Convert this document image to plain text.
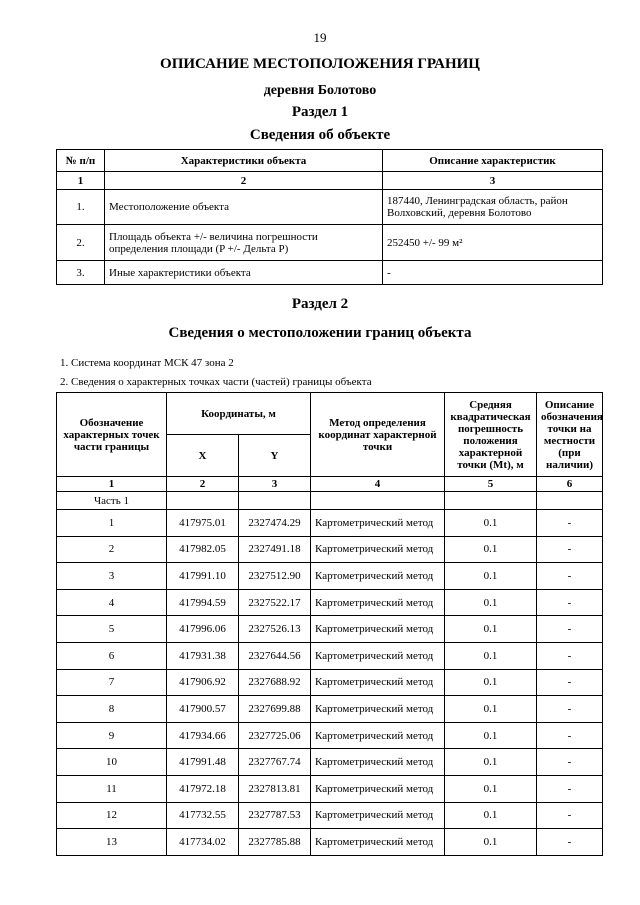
19
ОПИСАНИЕ МЕСТОПОЛОЖЕНИЯ ГРАНИЦ
деревня Болотово
Раздел 1
Сведения об объекте
№ п/п	Характеристики объекта	Описание характеристик
1	2	3
1.	Местоположение объекта	187440, Ленинградская область, район Волховский, деревня Болотово
2.	Площадь объекта +/- величина погрешности определения площади (P +/- Дельта P)	252450 +/- 99 м²
3.	Иные характеристики объекта	-
Раздел 2
Сведения о местоположении границ объекта
1. Система координат МСК 47 зона 2
2. Сведения о характерных точках части (частей) границы объекта
Обозначение характерных точек части границы	Координаты, м		Метод определения координат характерной точки	Средняя квадратическая погрешность положения характерной точки (Mt), м	Описание обозначения точки на местности (при наличии)
	X	Y			
1	2	3	4	5	6
Часть 1					
1	417975.01	2327474.29	Картометрический метод	0.1	-
2	417982.05	2327491.18	Картометрический метод	0.1	-
3	417991.10	2327512.90	Картометрический метод	0.1	-
4	417994.59	2327522.17	Картометрический метод	0.1	-
5	417996.06	2327526.13	Картометрический метод	0.1	-
6	417931.38	2327644.56	Картометрический метод	0.1	-
7	417906.92	2327688.92	Картометрический метод	0.1	-
8	417900.57	2327699.88	Картометрический метод	0.1	-
9	417934.66	2327725.06	Картометрический метод	0.1	-
10	417991.48	2327767.74	Картометрический метод	0.1	-
11	417972.18	2327813.81	Картометрический метод	0.1	-
12	417732.55	2327787.53	Картометрический метод	0.1	-
13	417734.02	2327785.88	Картометрический метод	0.1	-
